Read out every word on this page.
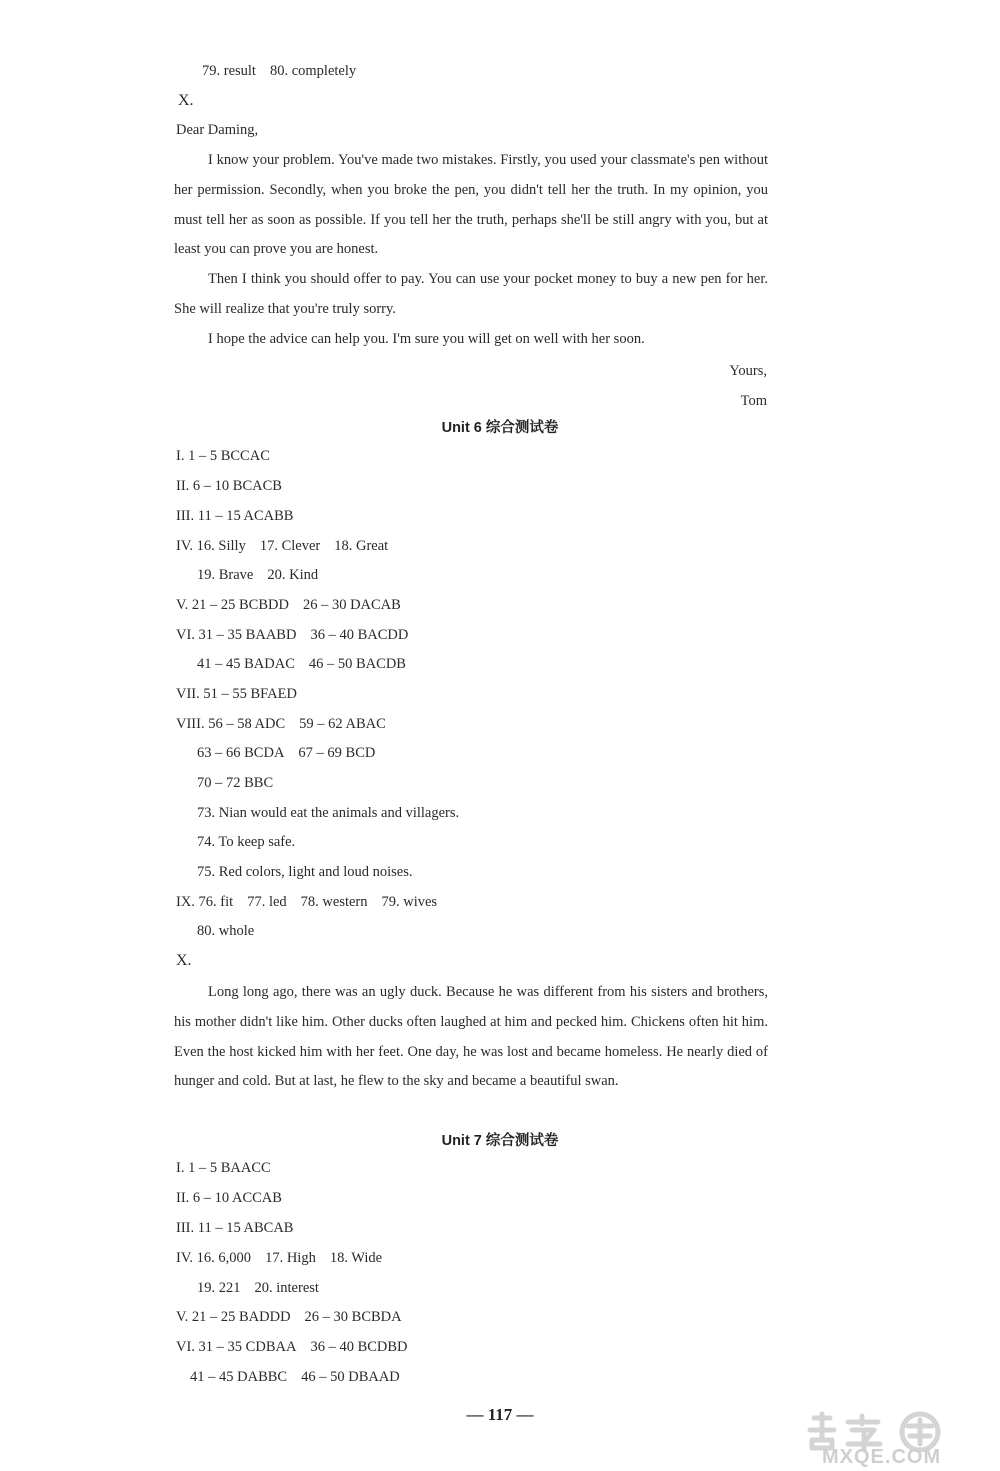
79. result 80. completely
X.
Dear Daming,
I know your problem. You've made two mistakes. Firstly, you used your classmate's pen without her permission. Secondly, when you broke the pen, you didn't tell her the truth. In my opinion, you must tell her as soon as possible. If you tell her the truth, perhaps she'll be still angry with you, but at least you can prove you are honest.
Then I think you should offer to pay. You can use your pocket money to buy a new pen for her. She will realize that you're truly sorry.
I hope the advice can help you. I'm sure you will get on well with her soon.
Yours,
Tom
Unit 6 综合测试卷
I. 1 – 5 BCCAC
II. 6 – 10 BCACB
III. 11 – 15 ACABB
IV. 16. Silly 17. Clever 18. Great
19. Brave 20. Kind
V. 21 – 25 BCBDD 26 – 30 DACAB
VI. 31 – 35 BAABD 36 – 40 BACDD
41 – 45 BADAC 46 – 50 BACDB
VII. 51 – 55 BFAED
VIII. 56 – 58 ADC 59 – 62 ABAC
63 – 66 BCDA 67 – 69 BCD
70 – 72 BBC
73. Nian would eat the animals and villagers.
74. To keep safe.
75. Red colors, light and loud noises.
IX. 76. fit 77. led 78. western 79. wives
80. whole
X.
Long long ago, there was an ugly duck. Because he was different from his sisters and brothers, his mother didn't like him. Other ducks often laughed at him and pecked him. Chickens often hit him. Even the host kicked him with her feet. One day, he was lost and became homeless. He nearly died of hunger and cold. But at last, he flew to the sky and became a beautiful swan.
Unit 7 综合测试卷
I. 1 – 5 BAACC
II. 6 – 10 ACCAB
III. 11 – 15 ABCAB
IV. 16. 6,000 17. High 18. Wide
19. 221 20. interest
V. 21 – 25 BADDD 26 – 30 BCBDA
VI. 31 – 35 CDBAA 36 – 40 BCDBD
41 – 45 DABBC 46 – 50 DBAAD
— 117 —
MXQE.COM
